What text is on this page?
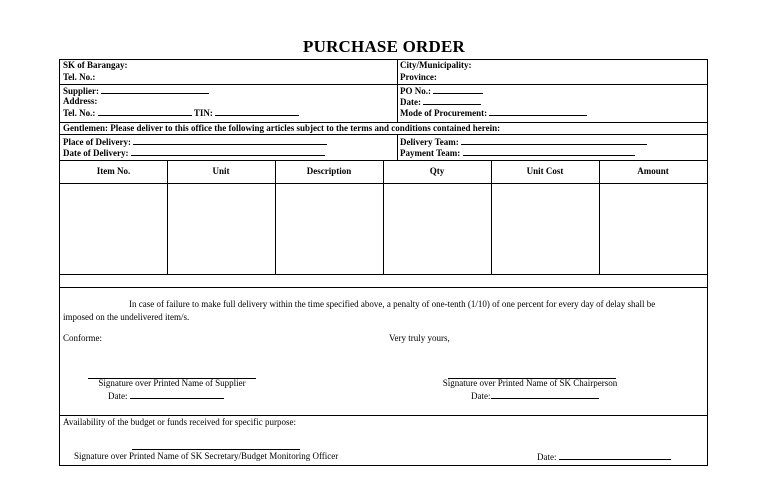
PURCHASE ORDER
SK of Barangay:
Tel. No.:
Supplier:
Address:
Tel. No.:	TIN:
City/Municipality:
Province:
PO No.:
Date:
Mode of Procurement:
Gentlemen: Please deliver to this office the following articles subject to the terms and conditions contained herein:
Place of Delivery:
Date of Delivery:
Delivery Team:
Payment Team:
Item No.	Unit	Description	Qty	Unit Cost	Amount
In case of failure to make full delivery within the time specified above, a penalty of one-tenth (1/10) of one percent for every day of delay shall be
imposed on the undelivered item/s.
Conforme:	Very truly yours,
Signature over Printed Name of Supplier
Date:
Signature over Printed Name of SK Chairperson
Date:
Availability of the budget or funds received for specific purpose:
Signature over Printed Name of SK Secretary/Budget Monitoring Officer	Date:
